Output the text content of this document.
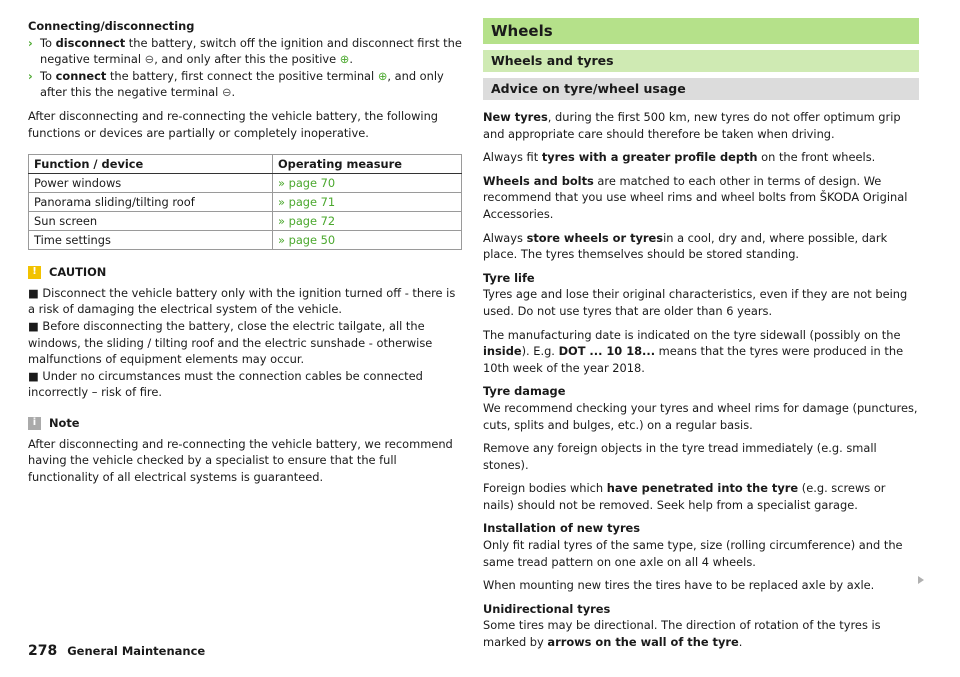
Connecting/disconnecting
› To disconnect the battery, switch off the ignition and disconnect first the negative terminal ⊖, and only after this the positive ⊕.
› To connect the battery, first connect the positive terminal ⊕, and only after this the negative terminal ⊖.

After disconnecting and re-connecting the vehicle battery, the following functions or devices are partially or completely inoperative.

Function / device	Operating measure
Power windows	» page 70
Panorama sliding/tilting roof	» page 71
Sun screen	» page 72
Time settings	» page 50
!	CAUTION

■ Disconnect the vehicle battery only with the ignition turned off - there is a risk of damaging the electrical system of the vehicle.

■ Before disconnecting the battery, close the electric tailgate, all the windows, the sliding / tilting roof and the electric sunshade - otherwise malfunctions of equipment elements may occur.

■ Under no circumstances must the connection cables be connected incorrectly – risk of fire.

i	Note

After disconnecting and re-connecting the vehicle battery, we recommend having the vehicle checked by a specialist to ensure that the full functionality of all electrical systems is guaranteed.

Wheels
Wheels and tyres
Advice on tyre/wheel usage

New tyres, during the first 500 km, new tyres do not offer optimum grip and appropriate care should therefore be taken when driving.

Always fit tyres with a greater profile depth on the front wheels.

Wheels and bolts are matched to each other in terms of design. We recommend that you use wheel rims and wheel bolts from ŠKODA Original Accessories.

Always store wheels or tyresin a cool, dry and, where possible, dark place. The tyres themselves should be stored standing.

Tyre life
Tyres age and lose their original characteristics, even if they are not being used. Do not use tyres that are older than 6 years.

The manufacturing date is indicated on the tyre sidewall (possibly on the inside). E.g. DOT ... 10 18... means that the tyres were produced in the 10th week of the year 2018.

Tyre damage
We recommend checking your tyres and wheel rims for damage (punctures, cuts, splits and bulges, etc.) on a regular basis.

Remove any foreign objects in the tyre tread immediately (e.g. small stones).

Foreign bodies which have penetrated into the tyre (e.g. screws or nails) should not be removed. Seek help from a specialist garage.

Installation of new tyres
Only fit radial tyres of the same type, size (rolling circumference) and the same tread pattern on one axle on all 4 wheels.

When mounting new tires the tires have to be replaced axle by axle.

Unidirectional tyres
Some tires may be directional. The direction of rotation of the tyres is marked by arrows on the wall of the tyre.

278 General Maintenance
